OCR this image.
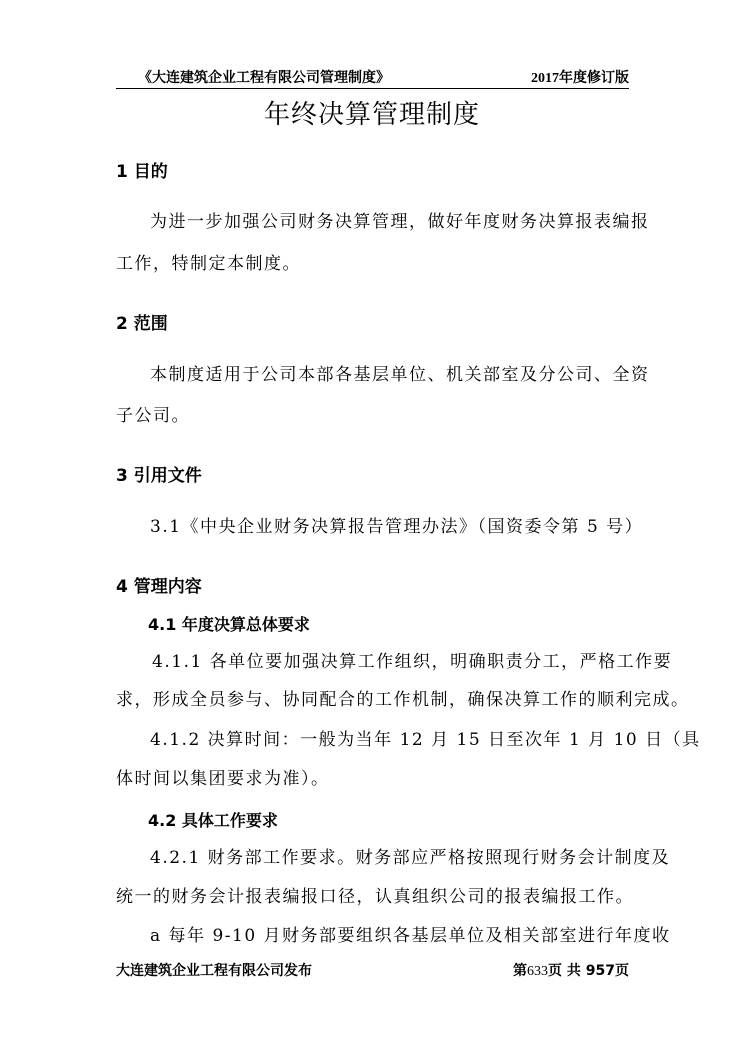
《大连建筑企业工程有限公司管理制度》	2017年度修订版
年终决算管理制度
1 目的
为进一步加强公司财务决算管理，做好年度财务决算报表编报
工作，特制定本制度。
2 范围
本制度适用于公司本部各基层单位、机关部室及分公司、全资
子公司。
3 引用文件
3.1《中央企业财务决算报告管理办法》（国资委令第 5 号）
4 管理内容
4.1 年度决算总体要求
4.1.1 各单位要加强决算工作组织，明确职责分工，严格工作要
求，形成全员参与、协同配合的工作机制，确保决算工作的顺利完成。
4.1.2 决算时间：一般为当年 12 月 15 日至次年 1 月 10 日（具
体时间以集团要求为准）。
4.2 具体工作要求
4.2.1 财务部工作要求。财务部应严格按照现行财务会计制度及
统一的财务会计报表编报口径，认真组织公司的报表编报工作。
a 每年 9-10 月财务部要组织各基层单位及相关部室进行年度收
大连建筑企业工程有限公司发布	第633页 共 957页
